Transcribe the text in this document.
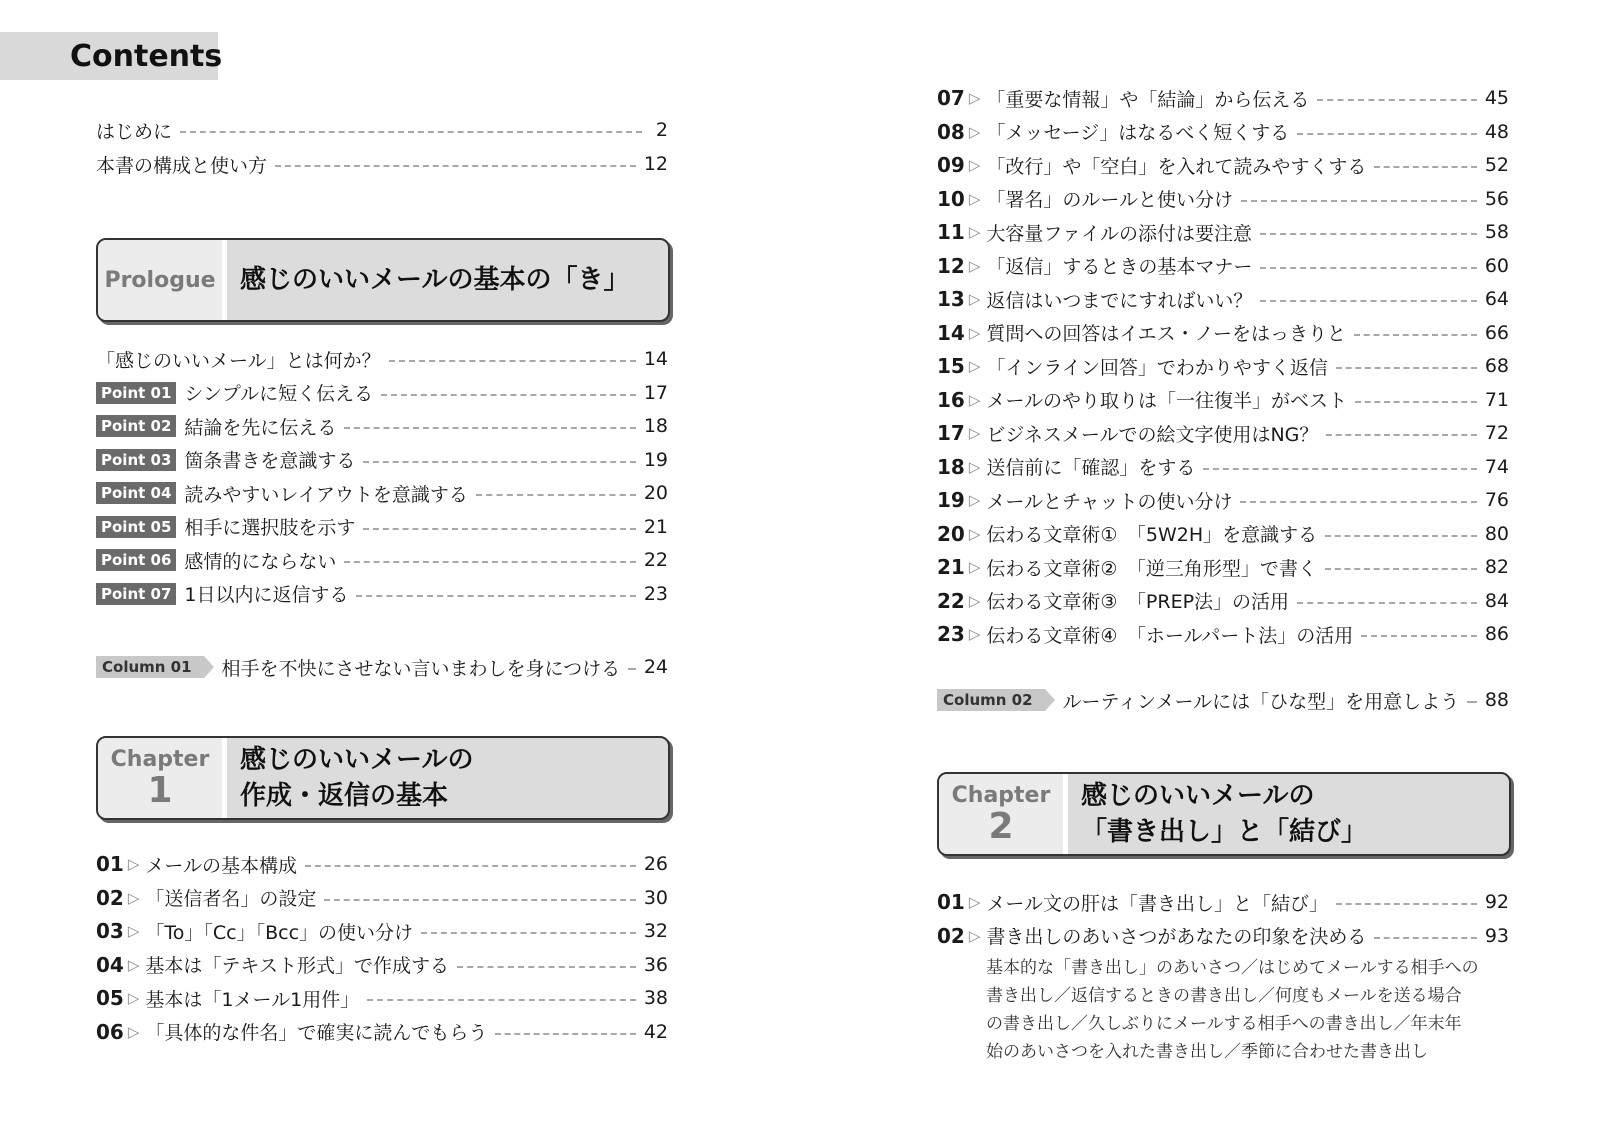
Contents
はじめに	2
本書の構成と使い方	12
Prologue 感じのいいメールの基本の「き」
「感じのいいメール」とは何か？	14
Point 01 シンプルに短く伝える	17
Point 02 結論を先に伝える	18
Point 03 箇条書きを意識する	19
Point 04 読みやすいレイアウトを意識する	20
Point 05 相手に選択肢を示す	21
Point 06 感情的にならない	22
Point 07 1日以内に返信する	23
Column 01	相手を不快にさせない言いまわしを身につける 24
Chapter
1
感じのいいメールの
作成・返信の基本
01 ▷ メールの基本構成	26
02 ▷ 「送信者名」の設定	30
03 ▷ 「To」「Cc」「Bcc」の使い分け	32
04 ▷ 基本は「テキスト形式」で作成する	36
05 ▷ 基本は「1メール1用件」	38
06 ▷ 「具体的な件名」で確実に読んでもらう	42
07 ▷ 「重要な情報」や「結論」から伝える	45
08 ▷ 「メッセージ」はなるべく短くする	48
09 ▷ 「改行」や「空白」を入れて読みやすくする	52
10 ▷ 「署名」のルールと使い分け	56
11 ▷ 大容量ファイルの添付は要注意	58
12 ▷ 「返信」するときの基本マナー	60
13 ▷ 返信はいつまでにすればいい？	64
14 ▷ 質問への回答はイエス・ノーをはっきりと	66
15 ▷ 「インライン回答」でわかりやすく返信	68
16 ▷ メールのやり取りは「一往復半」がベスト	71
17 ▷ ビジネスメールでの絵文字使用はNG？	72
18 ▷ 送信前に「確認」をする	74
19 ▷ メールとチャットの使い分け	76
20 ▷ 伝わる文章術①　「5W2H」を意識する	80
21 ▷ 伝わる文章術②　「逆三角形型」で書く	82
22 ▷ 伝わる文章術③　「PREP法」の活用	84
23 ▷ 伝わる文章術④　「ホールパート法」の活用	86
Column 02	ルーティンメールには「ひな型」を用意しよう 88
Chapter
2
感じのいいメールの
「書き出し」と「結び」
01 ▷ メール文の肝は「書き出し」と「結び」	92
02 ▷ 書き出しのあいさつがあなたの印象を決める	93
基本的な「書き出し」のあいさつ／はじめてメールする相手への
書き出し／返信するときの書き出し／何度もメールを送る場合
の書き出し／久しぶりにメールする相手への書き出し／年末年
始のあいさつを入れた書き出し／季節に合わせた書き出し
